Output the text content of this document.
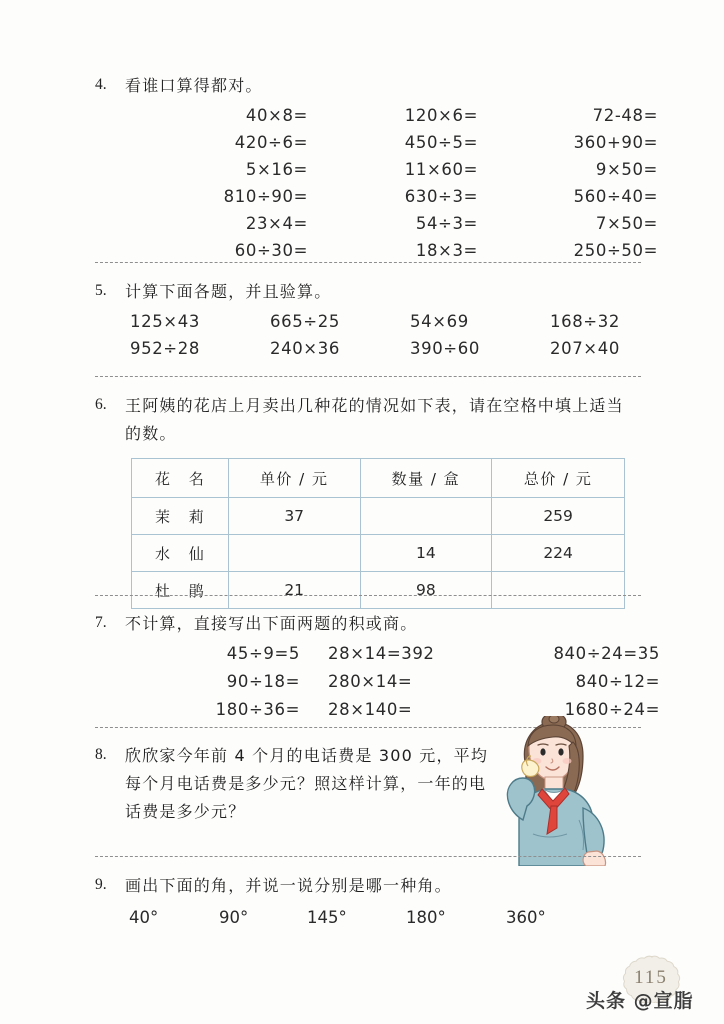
4.	看谁口算得都对。
40×8=	120×6=	72-48=
420÷6=	450÷5=	360+90=
5×16=	11×60=	9×50=
810÷90=	630÷3=	560÷40=
23×4=	54÷3=	7×50=
60÷30=	18×3=	250÷50=
5.	计算下面各题，并且验算。
125×43	665÷25	54×69	168÷32
952÷28	240×36	390÷60	207×40
6.	王阿姨的花店上月卖出几种花的情况如下表，请在空格中填上适当的数。
花 名	单价 / 元	数量 / 盒	总价 / 元
茉 莉	37		259
水 仙		14	224
杜 鹃	21	98	
7.	不计算，直接写出下面两题的积或商。
45÷9=5	28×14=392	840÷24=35
90÷18=	280×14=	840÷12=
180÷36=	28×140=	1680÷24=
8.	欣欣家今年前 4 个月的电话费是 300 元，平均每个月电话费是多少元？照这样计算，一年的电话费是多少元？
9.	画出下面的角，并说一说分别是哪一种角。
40°	90°	145°	180°	360°
115
头条 @宣脂
